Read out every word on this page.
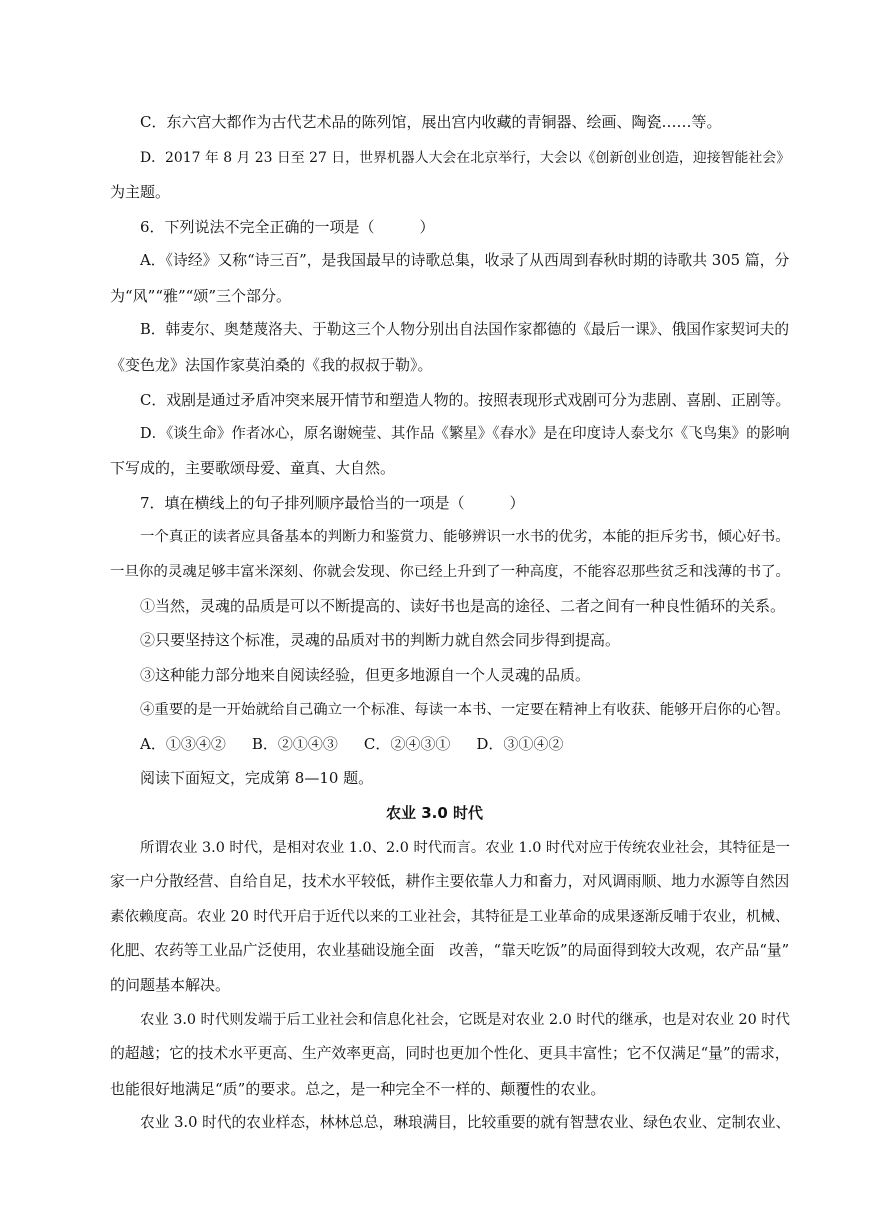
C．东六宫大都作为古代艺术品的陈列馆，展出宫内收藏的青铜器、绘画、陶瓷……等。
D．2017 年 8 月 23 日至 27 日，世界机器人大会在北京举行，大会以《创新创业创造，迎接智能社会》
为主题。
6．下列说法不完全正确的一项是（　　　）
A．《诗经》又称“诗三百”，是我国最早的诗歌总集，收录了从西周到春秋时期的诗歌共 305 篇，分
为“风”“雅”“颂”三个部分。
B．韩麦尔、奥楚蔑洛夫、于勒这三个人物分别出自法国作家都德的《最后一课》、俄国作家契诃夫的
《变色龙》法国作家莫泊桑的《我的叔叔于勒》。
C．戏剧是通过矛盾冲突来展开情节和塑造人物的。按照表现形式戏剧可分为悲剧、喜剧、正剧等。
D．《谈生命》作者冰心，原名谢婉莹、其作品《繁星》《春水》是在印度诗人泰戈尔《飞鸟集》的影响
下写成的，主要歌颂母爱、童真、大自然。
7．填在横线上的句子排列顺序最恰当的一项是（　　　）
一个真正的读者应具备基本的判断力和鉴赏力、能够辨识一水书的优劣，本能的拒斥劣书，倾心好书。
一旦你的灵魂足够丰富米深刻、你就会发现、你已经上升到了一种高度，不能容忍那些贫乏和浅薄的书了。
①当然，灵魂的品质是可以不断提高的、读好书也是高的途径、二者之间有一种良性循环的关系。
②只要坚持这个标准，灵魂的品质对书的判断力就自然会同步得到提高。
③这种能力部分地来自阅读经验，但更多地源自一个人灵魂的品质。
④重要的是一开始就给自己确立一个标准、每读一本书、一定要在精神上有收获、能够开启你的心智。
A．①③④② B．②①④③ C．②④③① D．③①④②
阅读下面短文，完成第 8—10 题。
农业 3.0 时代
所谓农业 3.0 时代，是相对农业 1.0、2.0 时代而言。农业 1.0 时代对应于传统农业社会，其特征是一
家一户分散经营、自给自足，技术水平较低，耕作主要依靠人力和畜力，对风调雨顺、地力水源等自然因
素依赖度高。农业 20 时代开启于近代以来的工业社会，其特征是工业革命的成果逐渐反哺于农业，机械、
化肥、农药等工业品广泛使用，农业基础设施全面　改善，“靠天吃饭”的局面得到较大改观，农产品“量”
的问题基本解决。
农业 3.0 时代则发端于后工业社会和信息化社会，它既是对农业 2.0 时代的继承，也是对农业 20 时代
的超越；它的技术水平更高、生产效率更高，同时也更加个性化、更具丰富性；它不仅满足“量”的需求，
也能很好地满足“质”的要求。总之，是一种完全不一样的、颠覆性的农业。
农业 3.0 时代的农业样态，林林总总，琳琅满目，比较重要的就有智慧农业、绿色农业、定制农业、
